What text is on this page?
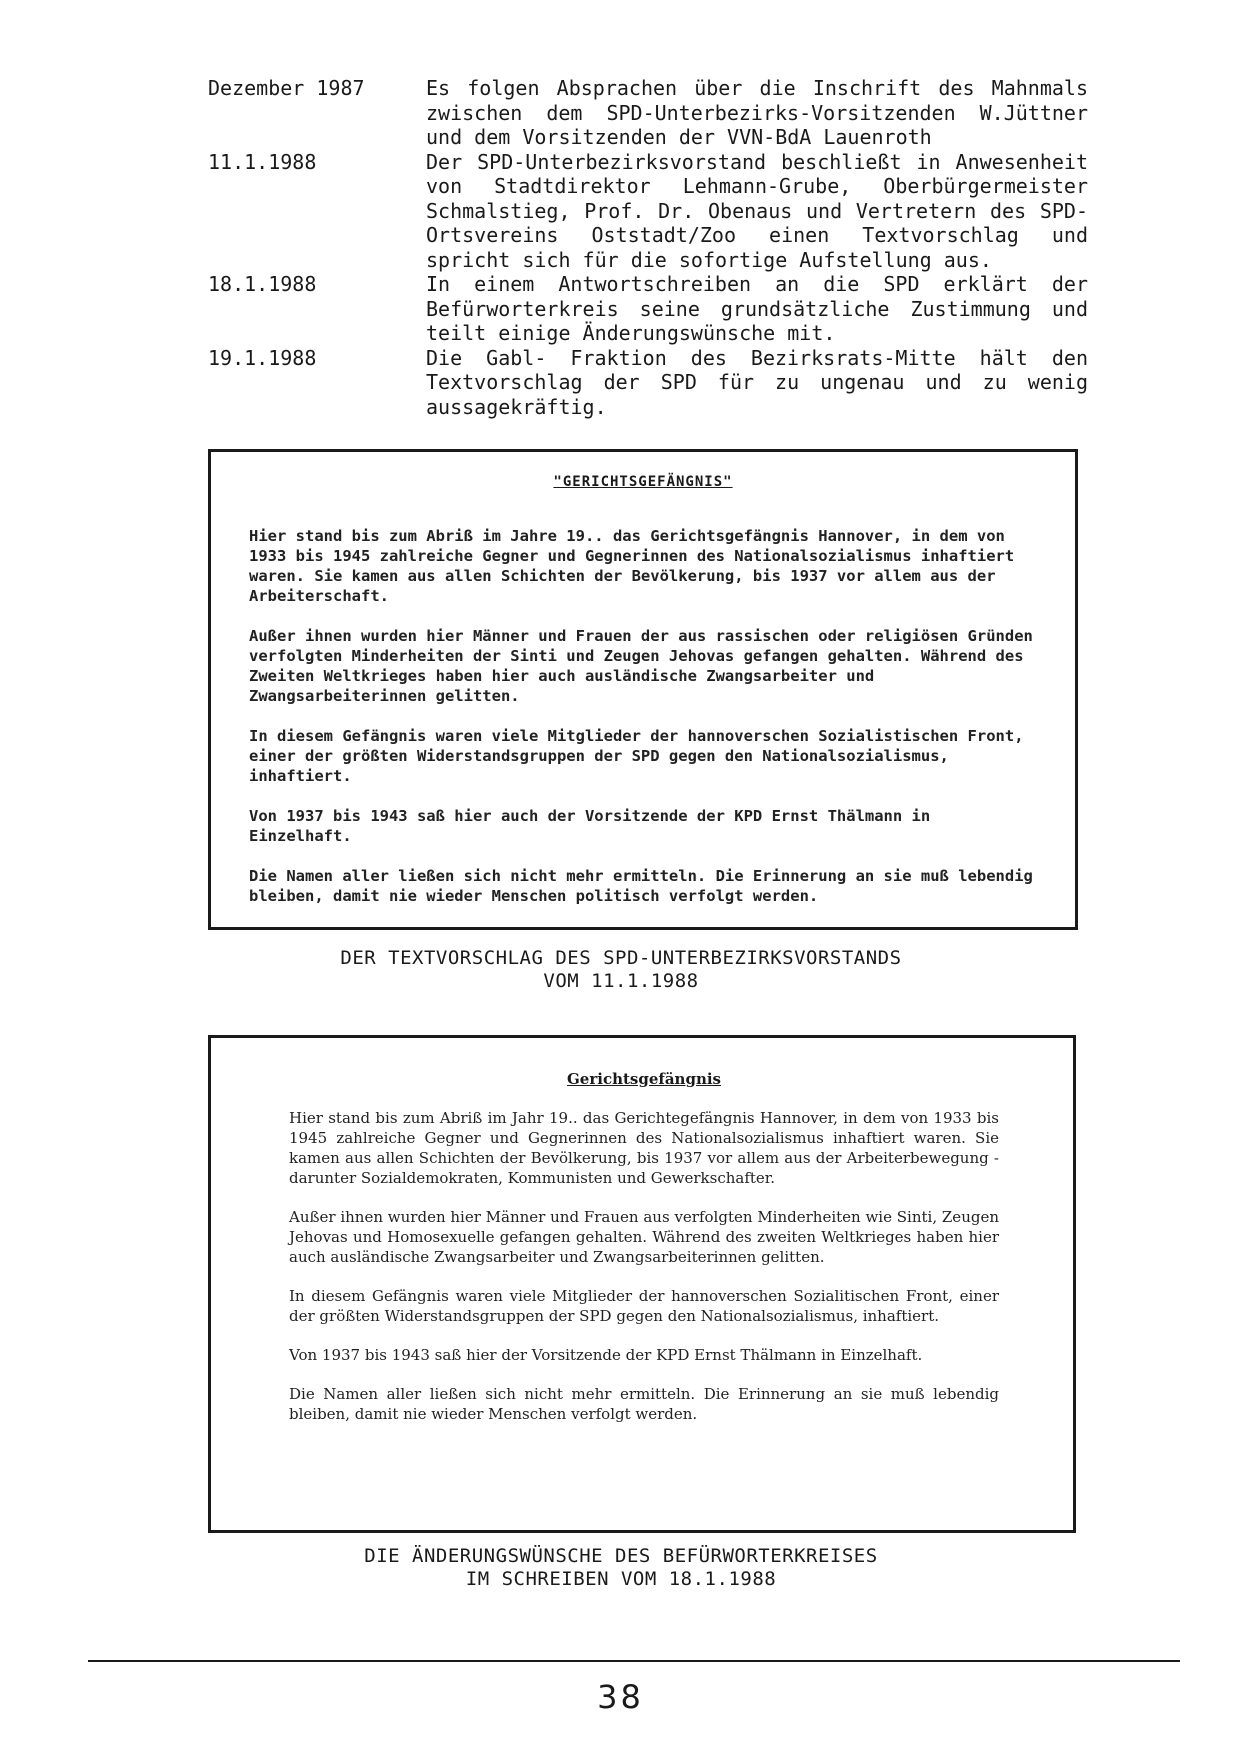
Dezember 1987	Es folgen Absprachen über die Inschrift des Mahnmals zwischen dem SPD-Unterbezirks-Vorsitzenden W.Jüttner und dem Vorsitzenden der VVN-BdA Lauenroth
11.1.1988	Der SPD-Unterbezirksvorstand beschließt in Anwesenheit von Stadtdirektor Lehmann-Grube, Oberbürgermeister Schmalstieg, Prof. Dr. Obenaus und Vertretern des SPD-Ortsvereins Oststadt/Zoo einen Textvorschlag und spricht sich für die sofortige Aufstellung aus.
18.1.1988	In einem Antwortschreiben an die SPD erklärt der Befürworterkreis seine grundsätzliche Zustimmung und teilt einige Änderungswünsche mit.
19.1.1988	Die Gabl- Fraktion des Bezirksrats-Mitte hält den Textvorschlag der SPD für zu ungenau und zu wenig aussagekräftig.
"GERICHTSGEFÄNGNIS"

Hier stand bis zum Abriß im Jahre 19.. das Gerichtsgefängnis Hannover, in dem von 1933 bis 1945 zahlreiche Gegner und Gegnerinnen des Nationalsozialismus inhaftiert waren. Sie kamen aus allen Schichten der Bevölkerung, bis 1937 vor allem aus der Arbeiterschaft.

Außer ihnen wurden hier Männer und Frauen der aus rassischen oder religiösen Gründen verfolgten Minderheiten der Sinti und Zeugen Jehovas gefangen gehalten. Während des Zweiten Weltkrieges haben hier auch ausländische Zwangsarbeiter und Zwangsarbeiterinnen gelitten.

In diesem Gefängnis waren viele Mitglieder der hannoverschen Sozialistischen Front, einer der größten Widerstandsgruppen der SPD gegen den Nationalsozialismus, inhaftiert.

Von 1937 bis 1943 saß hier auch der Vorsitzende der KPD Ernst Thälmann in Einzelhaft.

Die Namen aller ließen sich nicht mehr ermitteln. Die Erinnerung an sie muß lebendig bleiben, damit nie wieder Menschen politisch verfolgt werden.

DER TEXTVORSCHLAG DES SPD-UNTERBEZIRKSVORSTANDS
VOM 11.1.1988
Gerichtsgefängnis

Hier stand bis zum Abriß im Jahr 19.. das Gerichtegefängnis Hannover, in dem von 1933 bis 1945 zahlreiche Gegner und Gegnerinnen des Nationalsozialismus inhaftiert waren. Sie kamen aus allen Schichten der Bevölkerung, bis 1937 vor allem aus der Arbeiterbewegung - darunter Sozialdemokraten, Kommunisten und Gewerkschafter.

Außer ihnen wurden hier Männer und Frauen aus verfolgten Minderheiten wie Sinti, Zeugen Jehovas und Homosexuelle gefangen gehalten. Während des zweiten Weltkrieges haben hier auch ausländische Zwangsarbeiter und Zwangsarbeiterinnen gelitten.

In diesem Gefängnis waren viele Mitglieder der hannoverschen Sozialitischen Front, einer der größten Widerstandsgruppen der SPD gegen den Nationalsozialismus, inhaftiert.

Von 1937 bis 1943 saß hier der Vorsitzende der KPD Ernst Thälmann in Einzelhaft.

Die Namen aller ließen sich nicht mehr ermitteln. Die Erinnerung an sie muß lebendig bleiben, damit nie wieder Menschen verfolgt werden.

DIE ÄNDERUNGSWÜNSCHE DES BEFÜRWORTERKREISES
IM SCHREIBEN VOM 18.1.1988
38
